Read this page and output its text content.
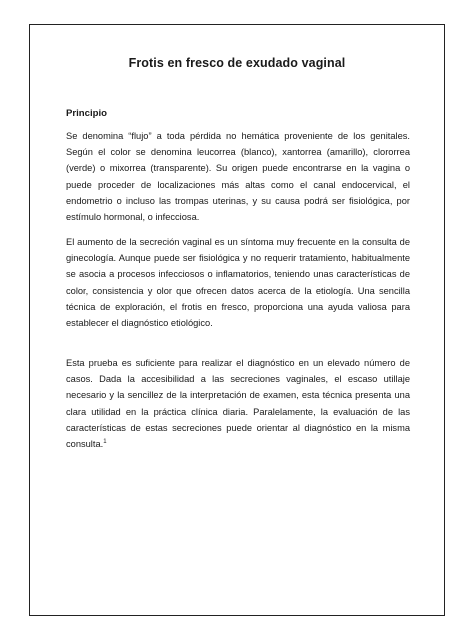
Frotis en fresco de exudado vaginal
Principio

Se denomina “flujo” a toda pérdida no hemática proveniente de los genitales. Según el color se denomina leucorrea (blanco), xantorrea (amarillo), clororrea (verde) o mixorrea (transparente). Su origen puede encontrarse en la vagina o puede proceder de localizaciones más altas como el canal endocervical, el endometrio o incluso las trompas uterinas, y su causa podrá ser fisiológica, por estímulo hormonal, o infecciosa.

El aumento de la secreción vaginal es un síntoma muy frecuente en la consulta de ginecología. Aunque puede ser fisiológica y no requerir tratamiento, habitualmente se asocia a procesos infecciosos o inflamatorios, teniendo unas características de color, consistencia y olor que ofrecen datos acerca de la etiología. Una sencilla técnica de exploración, el frotis en fresco, proporciona una ayuda valiosa para establecer el diagnóstico etiológico.

Esta prueba es suficiente para realizar el diagnóstico en un elevado número de casos. Dada la accesibilidad a las secreciones vaginales, el escaso utillaje necesario y la sencillez de la interpretación de examen, esta técnica presenta una clara utilidad en la práctica clínica diaria. Paralelamente, la evaluación de las características de estas secreciones puede orientar al diagnóstico en la misma consulta.$^1$
